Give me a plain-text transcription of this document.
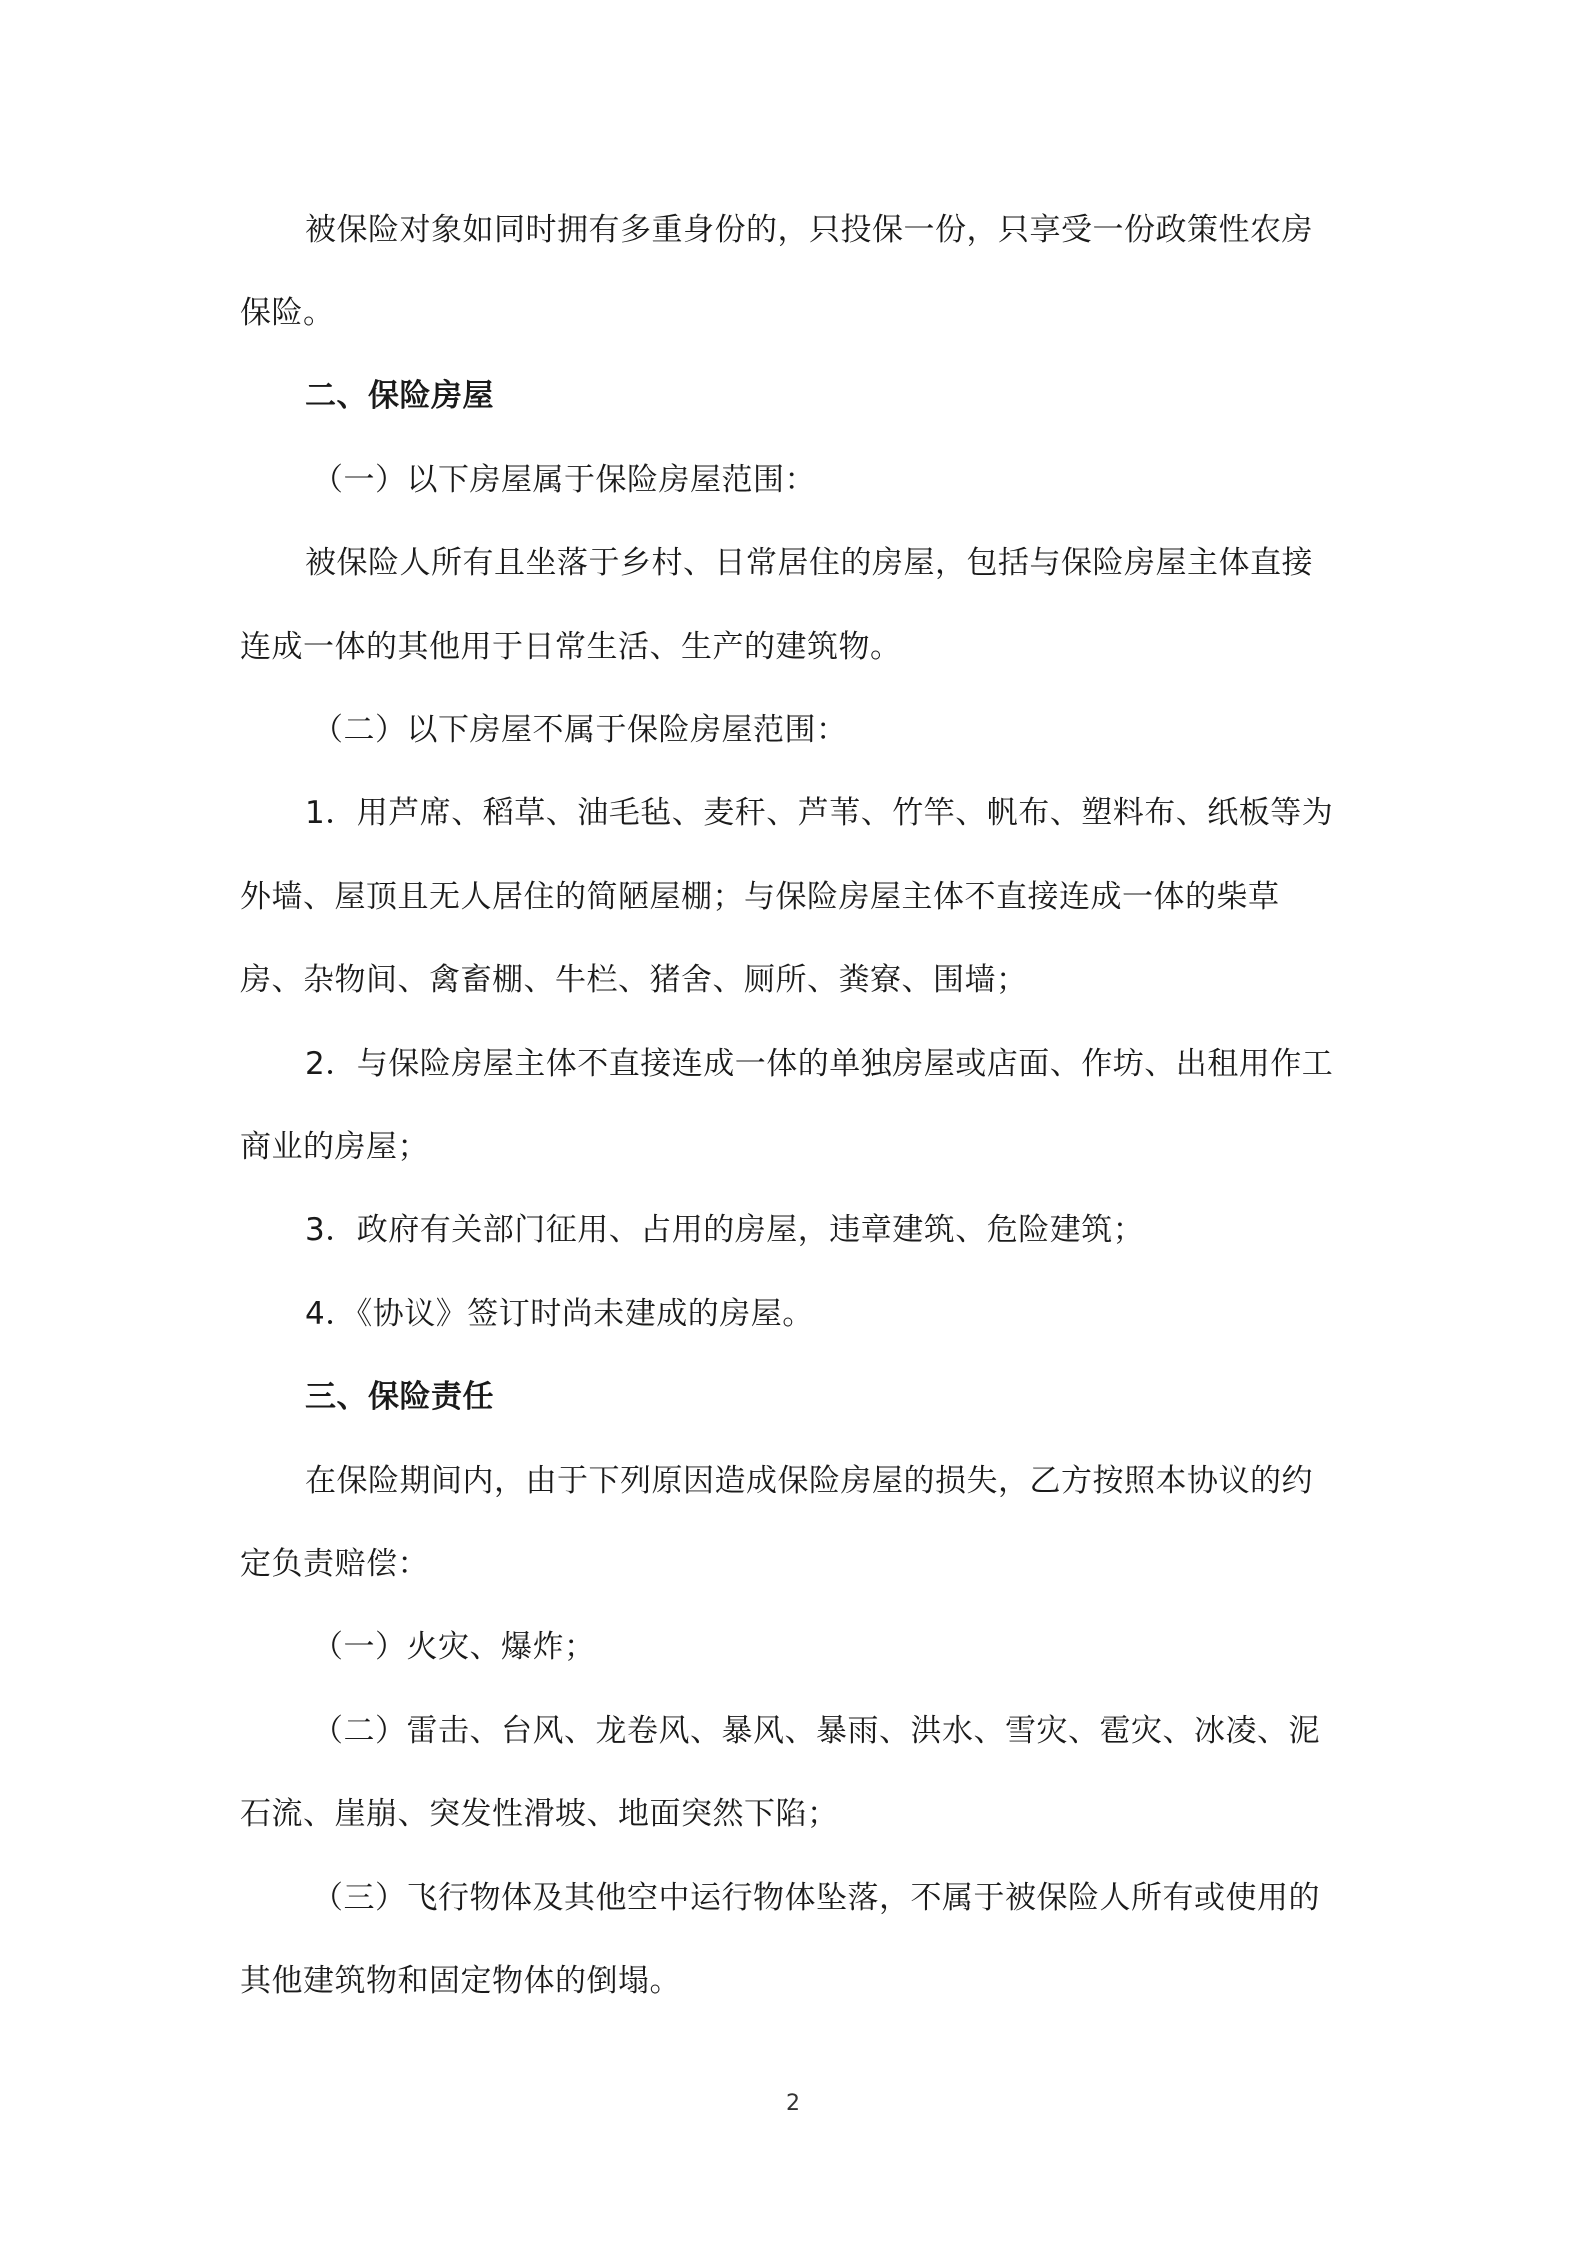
被保险对象如同时拥有多重身份的，只投保一份，只享受一份政策性农房
保险。
二、保险房屋
（一）以下房屋属于保险房屋范围：
被保险人所有且坐落于乡村、日常居住的房屋，包括与保险房屋主体直接
连成一体的其他用于日常生活、生产的建筑物。
（二）以下房屋不属于保险房屋范围：
1．用芦席、稻草、油毛毡、麦秆、芦苇、竹竿、帆布、塑料布、纸板等为
外墙、屋顶且无人居住的简陋屋棚；与保险房屋主体不直接连成一体的柴草
房、杂物间、禽畜棚、牛栏、猪舍、厕所、粪寮、围墙；
2．与保险房屋主体不直接连成一体的单独房屋或店面、作坊、出租用作工
商业的房屋；
3．政府有关部门征用、占用的房屋，违章建筑、危险建筑；
4．《协议》签订时尚未建成的房屋。
三、保险责任
在保险期间内，由于下列原因造成保险房屋的损失，乙方按照本协议的约
定负责赔偿：
（一）火灾、爆炸；
（二）雷击、台风、龙卷风、暴风、暴雨、洪水、雪灾、雹灾、冰凌、泥
石流、崖崩、突发性滑坡、地面突然下陷；
（三）飞行物体及其他空中运行物体坠落，不属于被保险人所有或使用的
其他建筑物和固定物体的倒塌。
2
